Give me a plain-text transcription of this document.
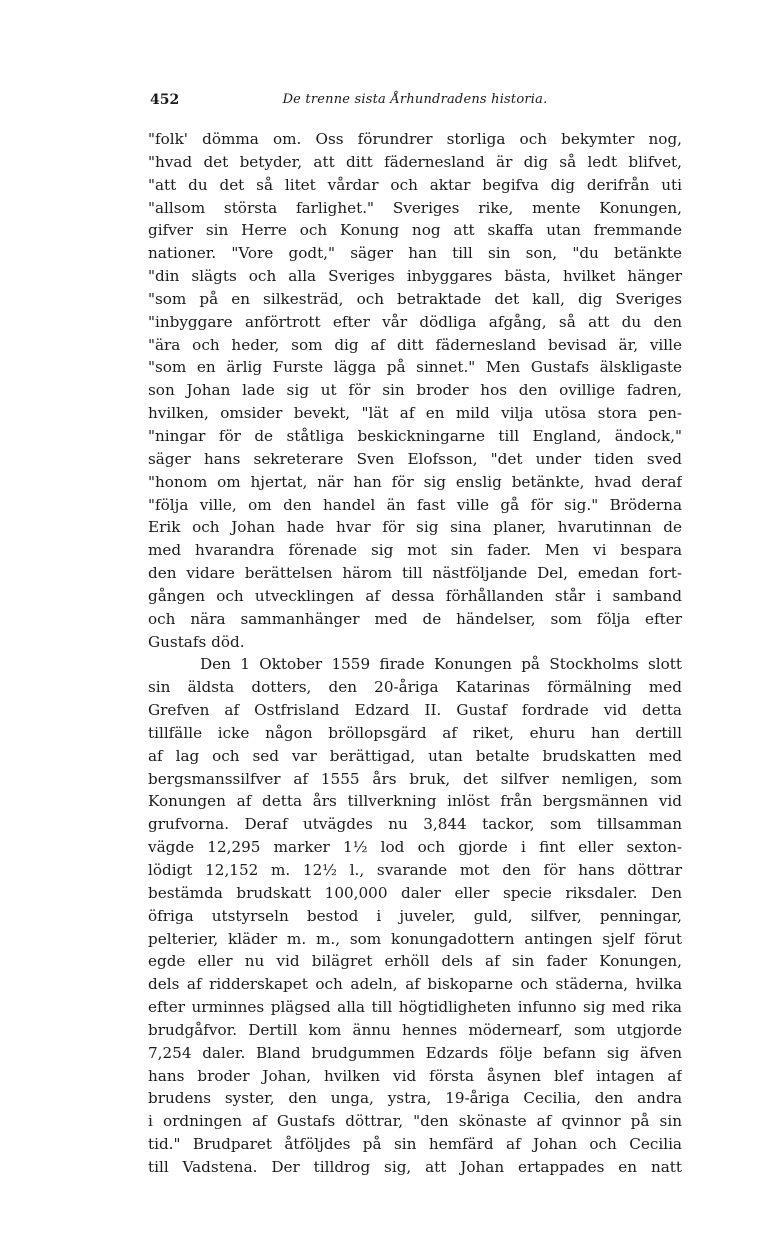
452	De trenne sista Århundradens historia.
"folk' dömma om. Oss förundrer storliga och bekymter nog,
"hvad det betyder, att ditt fädernesland är dig så ledt blifvet,
"att du det så litet vårdar och aktar begifva dig derifrån uti
"allsom största farlighet." Sveriges rike, mente Konungen,
gifver sin Herre och Konung nog att skaffa utan fremmande
nationer. "Vore godt," säger han till sin son, "du betänkte
"din slägts och alla Sveriges inbyggares bästa, hvilket hänger
"som på en silkesträd, och betraktade det kall, dig Sveriges
"inbyggare anförtrott efter vår dödliga afgång, så att du den
"ära och heder, som dig af ditt fädernesland bevisad är, ville
"som en ärlig Furste lägga på sinnet." Men Gustafs älskligaste
son Johan lade sig ut för sin broder hos den ovillige fadren,
hvilken, omsider bevekt, "lät af en mild vilja utösa stora pen-
"ningar för de ståtliga beskickningarne till England, ändock,"
säger hans sekreterare Sven Elofsson, "det under tiden sved
"honom om hjertat, när han för sig enslig betänkte, hvad deraf
"följa ville, om den handel än fast ville gå för sig." Bröderna
Erik och Johan hade hvar för sig sina planer, hvarutinnan de
med hvarandra förenade sig mot sin fader. Men vi bespara
den vidare berättelsen härom till nästföljande Del, emedan fort-
gången och utvecklingen af dessa förhållanden står i samband
och nära sammanhänger med de händelser, som följa efter
Gustafs död.
Den 1 Oktober 1559 firade Konungen på Stockholms slott
sin äldsta dotters, den 20-åriga Katarinas förmälning med
Grefven af Ostfrisland Edzard II. Gustaf fordrade vid detta
tillfälle icke någon bröllopsgärd af riket, ehuru han dertill
af lag och sed var berättigad, utan betalte brudskatten med
bergsmanssilfver af 1555 års bruk, det silfver nemligen, som
Konungen af detta års tillverkning inlöst från bergsmännen vid
grufvorna. Deraf utvägdes nu 3,844 tackor, som tillsamman
vägde 12,295 marker 1½ lod och gjorde i fint eller sexton-
lödigt 12,152 m. 12½ l., svarande mot den för hans döttrar
bestämda brudskatt 100,000 daler eller specie riksdaler. Den
öfriga utstyrseln bestod i juveler, guld, silfver, penningar,
pelterier, kläder m. m., som konungadottern antingen sjelf förut
egde eller nu vid bilägret erhöll dels af sin fader Konungen,
dels af ridderskapet och adeln, af biskoparne och städerna, hvilka
efter urminnes plägsed alla till högtidligheten infunno sig med rika
brudgåfvor. Dertill kom ännu hennes mödernearf, som utgjorde
7,254 daler. Bland brudgummen Edzards följe befann sig äfven
hans broder Johan, hvilken vid första åsynen blef intagen af
brudens syster, den unga, ystra, 19-åriga Cecilia, den andra
i ordningen af Gustafs döttrar, "den skönaste af qvinnor på sin
tid." Brudparet åtföljdes på sin hemfärd af Johan och Cecilia
till Vadstena. Der tilldrog sig, att Johan ertappades en natt
